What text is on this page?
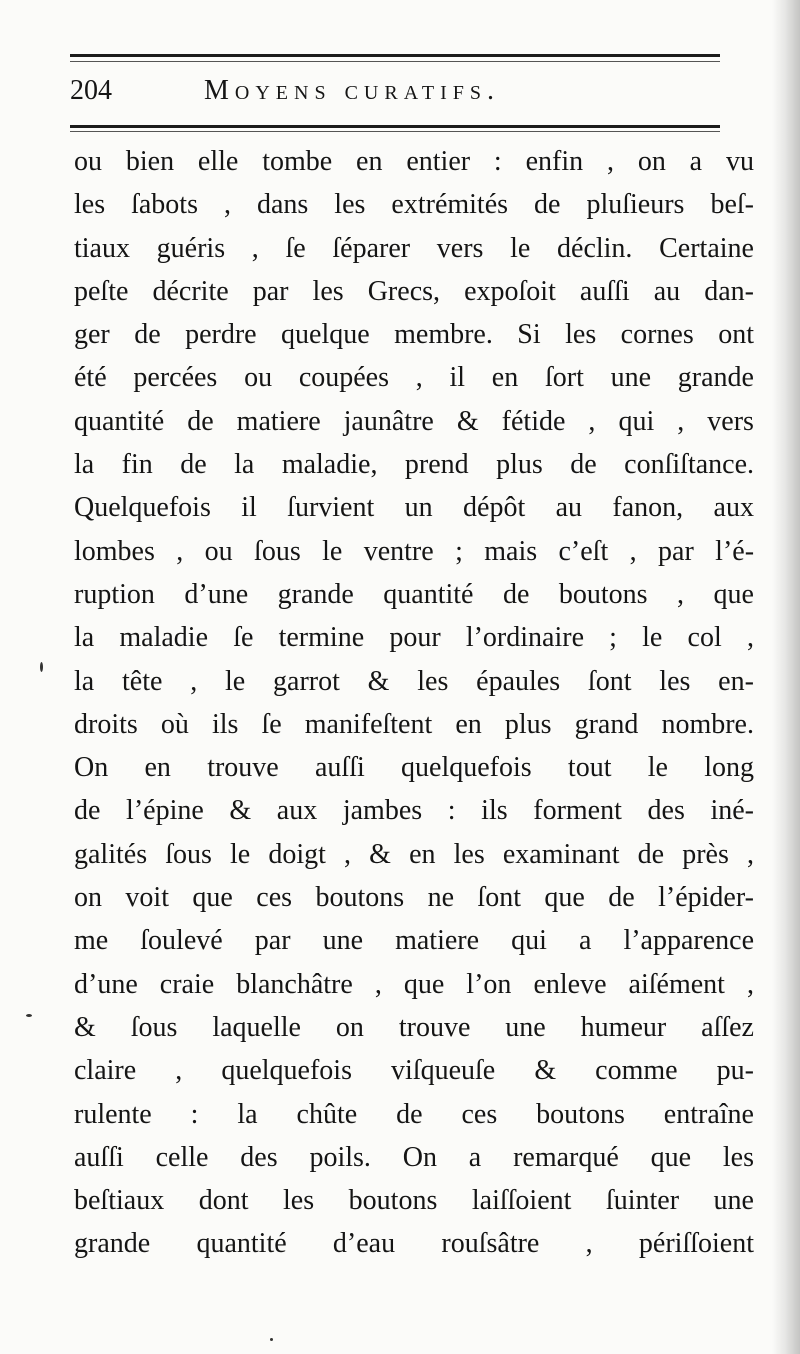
204	Moyens curatifs.
ou bien elle tombe en entier : enfin , on a vu
les ſabots , dans les extrémités de pluſieurs beſ-
tiaux guéris , ſe ſéparer vers le déclin. Certaine
peſte décrite par les Grecs, expoſoit auſſi au dan-
ger de perdre quelque membre. Si les cornes ont
été percées ou coupées , il en ſort une grande
quantité de matiere jaunâtre & fétide , qui , vers
la fin de la maladie, prend plus de conſiſtance.
Quelquefois il ſurvient un dépôt au fanon, aux
lombes , ou ſous le ventre ; mais c’eſt , par l’é-
ruption d’une grande quantité de boutons , que
la maladie ſe termine pour l’ordinaire ; le col ,
la tête , le garrot & les épaules ſont les en-
droits où ils ſe manifeſtent en plus grand nombre.
On en trouve auſſi quelquefois tout le long
de l’épine & aux jambes : ils forment des iné-
galités ſous le doigt , & en les examinant de près ,
on voit que ces boutons ne ſont que de l’épider-
me ſoulevé par une matiere qui a l’apparence
d’une craie blanchâtre , que l’on enleve aiſément ,
& ſous laquelle on trouve une humeur aſſez
claire , quelquefois viſqueuſe & comme pu-
rulente : la chûte de ces boutons entraîne
auſſi celle des poils. On a remarqué que les
beſtiaux dont les boutons laiſſoient ſuinter une
grande quantité d’eau rouſsâtre , périſſoient
